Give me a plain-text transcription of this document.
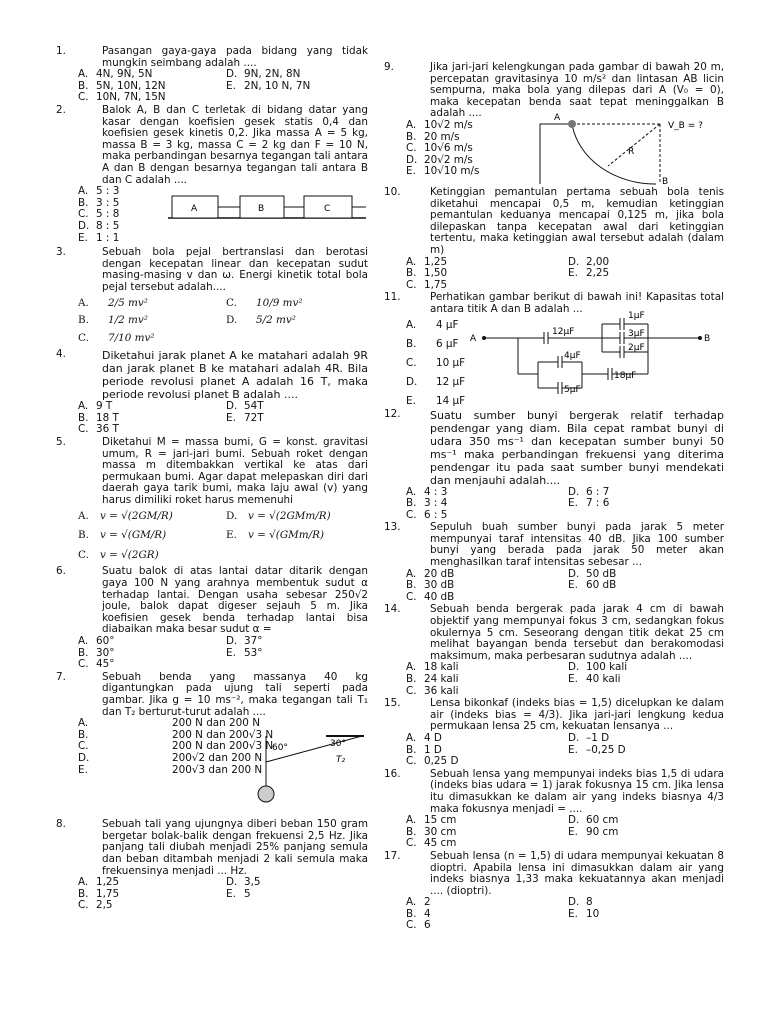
1.	Pasangan gaya-gaya pada bidang yang tidak mungkin seimbang adalah ....
A. 4N, 9N, 5N	D. 9N, 2N, 8N
B. 5N, 10N, 12N	E. 2N, 10 N, 7N
C. 10N, 7N, 15N
2.	Balok A, B dan C terletak di bidang datar yang kasar dengan koefisien gesek statis 0,4 dan koefisien gesek kinetis 0,2. Jika massa A = 5 kg, massa B = 3 kg, massa C = 2 kg dan F = 10 N, maka perbandingan besarnya tegangan tali antara A dan B dengan besarnya tegangan tali antara B dan C adalah ....
A. 5 : 3
B. 3 : 5
C. 5 : 8
D. 8 : 5
E. 1 : 1
A	B	C
3.	Sebuah bola pejal bertranslasi dan berotasi dengan kecepatan linear dan kecepatan sudut masing-masing v dan ω. Energi kinetik total bola pejal tersebut adalah....
A. 2/5 mv²	C. 10/9 mv²
B. 1/2 mv²	D. 5/2 mv²
C. 7/10 mv²
4.	Diketahui jarak planet A ke matahari adalah 9R dan jarak planet B ke matahari adalah 4R. Bila periode revolusi planet A adalah 16 T, maka periode revolusi planet B adalah ....
A. 9 T	D. 54T
B. 18 T	E. 72T
C. 36 T
5.	Diketahui M = massa bumi, G = konst. gravitasi umum, R = jari-jari bumi. Sebuah roket dengan massa m ditembakkan vertikal ke atas dari permukaan bumi. Agar dapat melepaskan diri dari daerah gaya tarik bumi, maka laju awal (v) yang harus dimiliki roket harus memenuhi
A. v = √(2GM/R)	D. v = √(2GMm/R)
B. v = √(GM/R)	E. v = √(GMm/R)
C. v = √(2GR)
6.	Suatu balok di atas lantai datar ditarik dengan gaya 100 N yang arahnya membentuk sudut α terhadap lantai. Dengan usaha sebesar 250√2 joule, balok dapat digeser sejauh 5 m. Jika koefisien gesek benda terhadap lantai bisa diabaikan maka besar sudut α =
A. 60°	D. 37°
B. 30°	E. 53°
C. 45°
7.	Sebuah benda yang massanya 40 kg digantungkan pada ujung tali seperti pada gambar. Jika g = 10 ms⁻², maka tegangan tali T₁ dan T₂ berturut-turut adalah ....
A.	200 N dan 200 N
B.	200 N dan 200√3 N
C.	200 N dan 200√3 N
D.	200√2 dan 200 N
E.	200√3 dan 200 N
60°	30°
T₂
8.	Sebuah tali yang ujungnya diberi beban 150 gram bergetar bolak-balik dengan frekuensi 2,5 Hz. Jika panjang tali diubah menjadi 25% panjang semula dan beban ditambah menjadi 2 kali semula maka frekuensinya menjadi ... Hz.
A. 1,25	D. 3,5
B. 1,75	E. 5
C. 2,5
9.	Jika jari-jari kelengkungan pada gambar di bawah 20 m, percepatan gravitasinya 10 m/s² dan lintasan AB licin sempurna, maka bola yang dilepas dari A (V₀ = 0), maka kecepatan benda saat tepat meninggalkan B adalah ....
A. 10√2 m/s
B. 20 m/s
C. 10√6 m/s
D. 20√2 m/s
E. 10√10 m/s
A
B
R
V_B = ?
10.	Ketinggian pemantulan pertama sebuah bola tenis diketahui mencapai 0,5 m, kemudian ketinggian pemantulan keduanya mencapai 0,125 m, jika bola dilepaskan tanpa kecepatan awal dari ketinggian tertentu, maka ketinggian awal tersebut adalah (dalam m)
A. 1,25	D. 2,00
B. 1,50	E. 2,25
C. 1,75
11.	Perhatikan gambar berikut di bawah ini! Kapasitas total antara titik A dan B adalah ...
A. 4 μF
B. 6 μF
C. 10 μF
D. 12 μF
E. 14 μF
A	B
1μF
12μF	3μF
2μF
4μF
18μF
5μF
12.	Suatu sumber bunyi bergerak relatif terhadap pendengar yang diam. Bila cepat rambat bunyi di udara 350 ms⁻¹ dan kecepatan sumber bunyi 50 ms⁻¹ maka perbandingan frekuensi yang diterima pendengar itu pada saat sumber bunyi mendekati dan menjauhi adalah....
A. 4 : 3	D. 6 : 7
B. 3 : 4	E. 7 : 6
C. 6 : 5
13.	Sepuluh buah sumber bunyi pada jarak 5 meter mempunyai taraf intensitas 40 dB. Jika 100 sumber bunyi yang berada pada jarak 50 meter akan menghasilkan taraf intensitas sebesar ...
A. 20 dB	D. 50 dB
B. 30 dB	E. 60 dB
C. 40 dB
14.	Sebuah benda bergerak pada jarak 4 cm di bawah objektif yang mempunyai fokus 3 cm, sedangkan fokus okulernya 5 cm. Seseorang dengan titik dekat 25 cm melihat bayangan benda tersebut dan berakomodasi maksimum, maka perbesaran sudutnya adalah ....
A. 18 kali	D. 100 kali
B. 24 kali	E. 40 kali
C. 36 kali
15.	Lensa bikonkaf (indeks bias = 1,5) dicelupkan ke dalam air (indeks bias = 4/3). Jika jari-jari lengkung kedua permukaan lensa 25 cm, kekuatan lensanya ...
A. 4 D	D. –1 D
B. 1 D	E. –0,25 D
C. 0,25 D
16.	Sebuah lensa yang mempunyai indeks bias 1,5 di udara (indeks bias udara = 1) jarak fokusnya 15 cm. Jika lensa itu dimasukkan ke dalam air yang indeks biasnya 4/3 maka fokusnya menjadi = ....
A. 15 cm	D. 60 cm
B. 30 cm	E. 90 cm
C. 45 cm
17.	Sebuah lensa (n = 1,5) di udara mempunyai kekuatan 8 dioptri. Apabila lensa ini dimasukkan dalam air yang indeks biasnya 1,33 maka kekuatannya akan menjadi .... (dioptri).
A. 2	D. 8
B. 4	E. 10
C. 6
